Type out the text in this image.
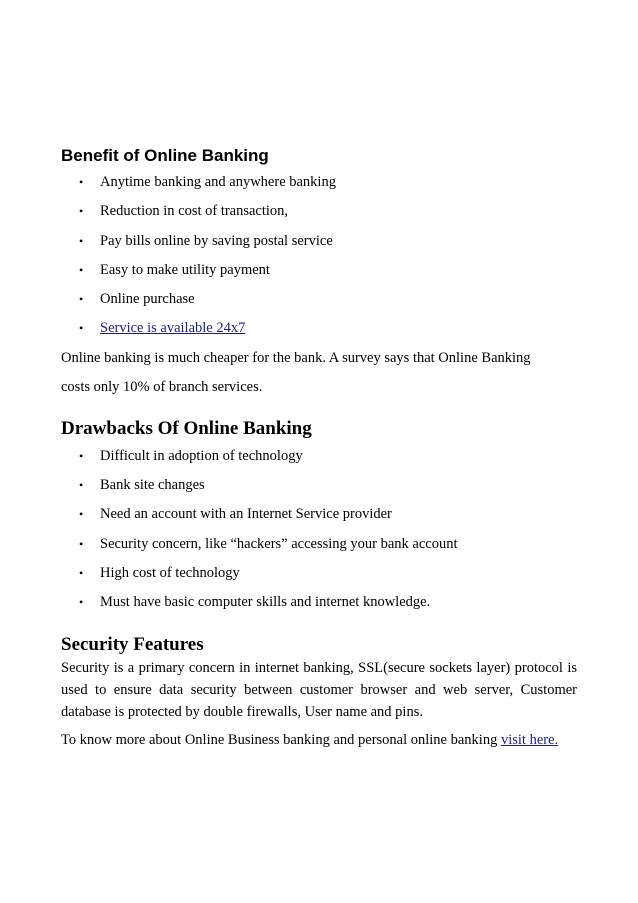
Benefit of Online Banking
• Anytime banking and anywhere banking
• Reduction in cost of transaction,
• Pay bills online by saving postal service
• Easy to make utility payment
• Online purchase
• Service is available 24x7

Online banking is much cheaper for the bank. A survey says that Online Banking
costs only 10% of branch services.

Drawbacks Of Online Banking
• Difficult in adoption of technology
• Bank site changes
• Need an account with an Internet Service provider
• Security concern, like “hackers” accessing your bank account
• High cost of technology
• Must have basic computer skills and internet knowledge.
Security Features

Security is a primary concern in internet banking, SSL(secure sockets layer) protocol is used to ensure data security between customer browser and web server, Customer database is protected by double firewalls, User name and pins.

To know more about Online Business banking and personal online banking visit here.
